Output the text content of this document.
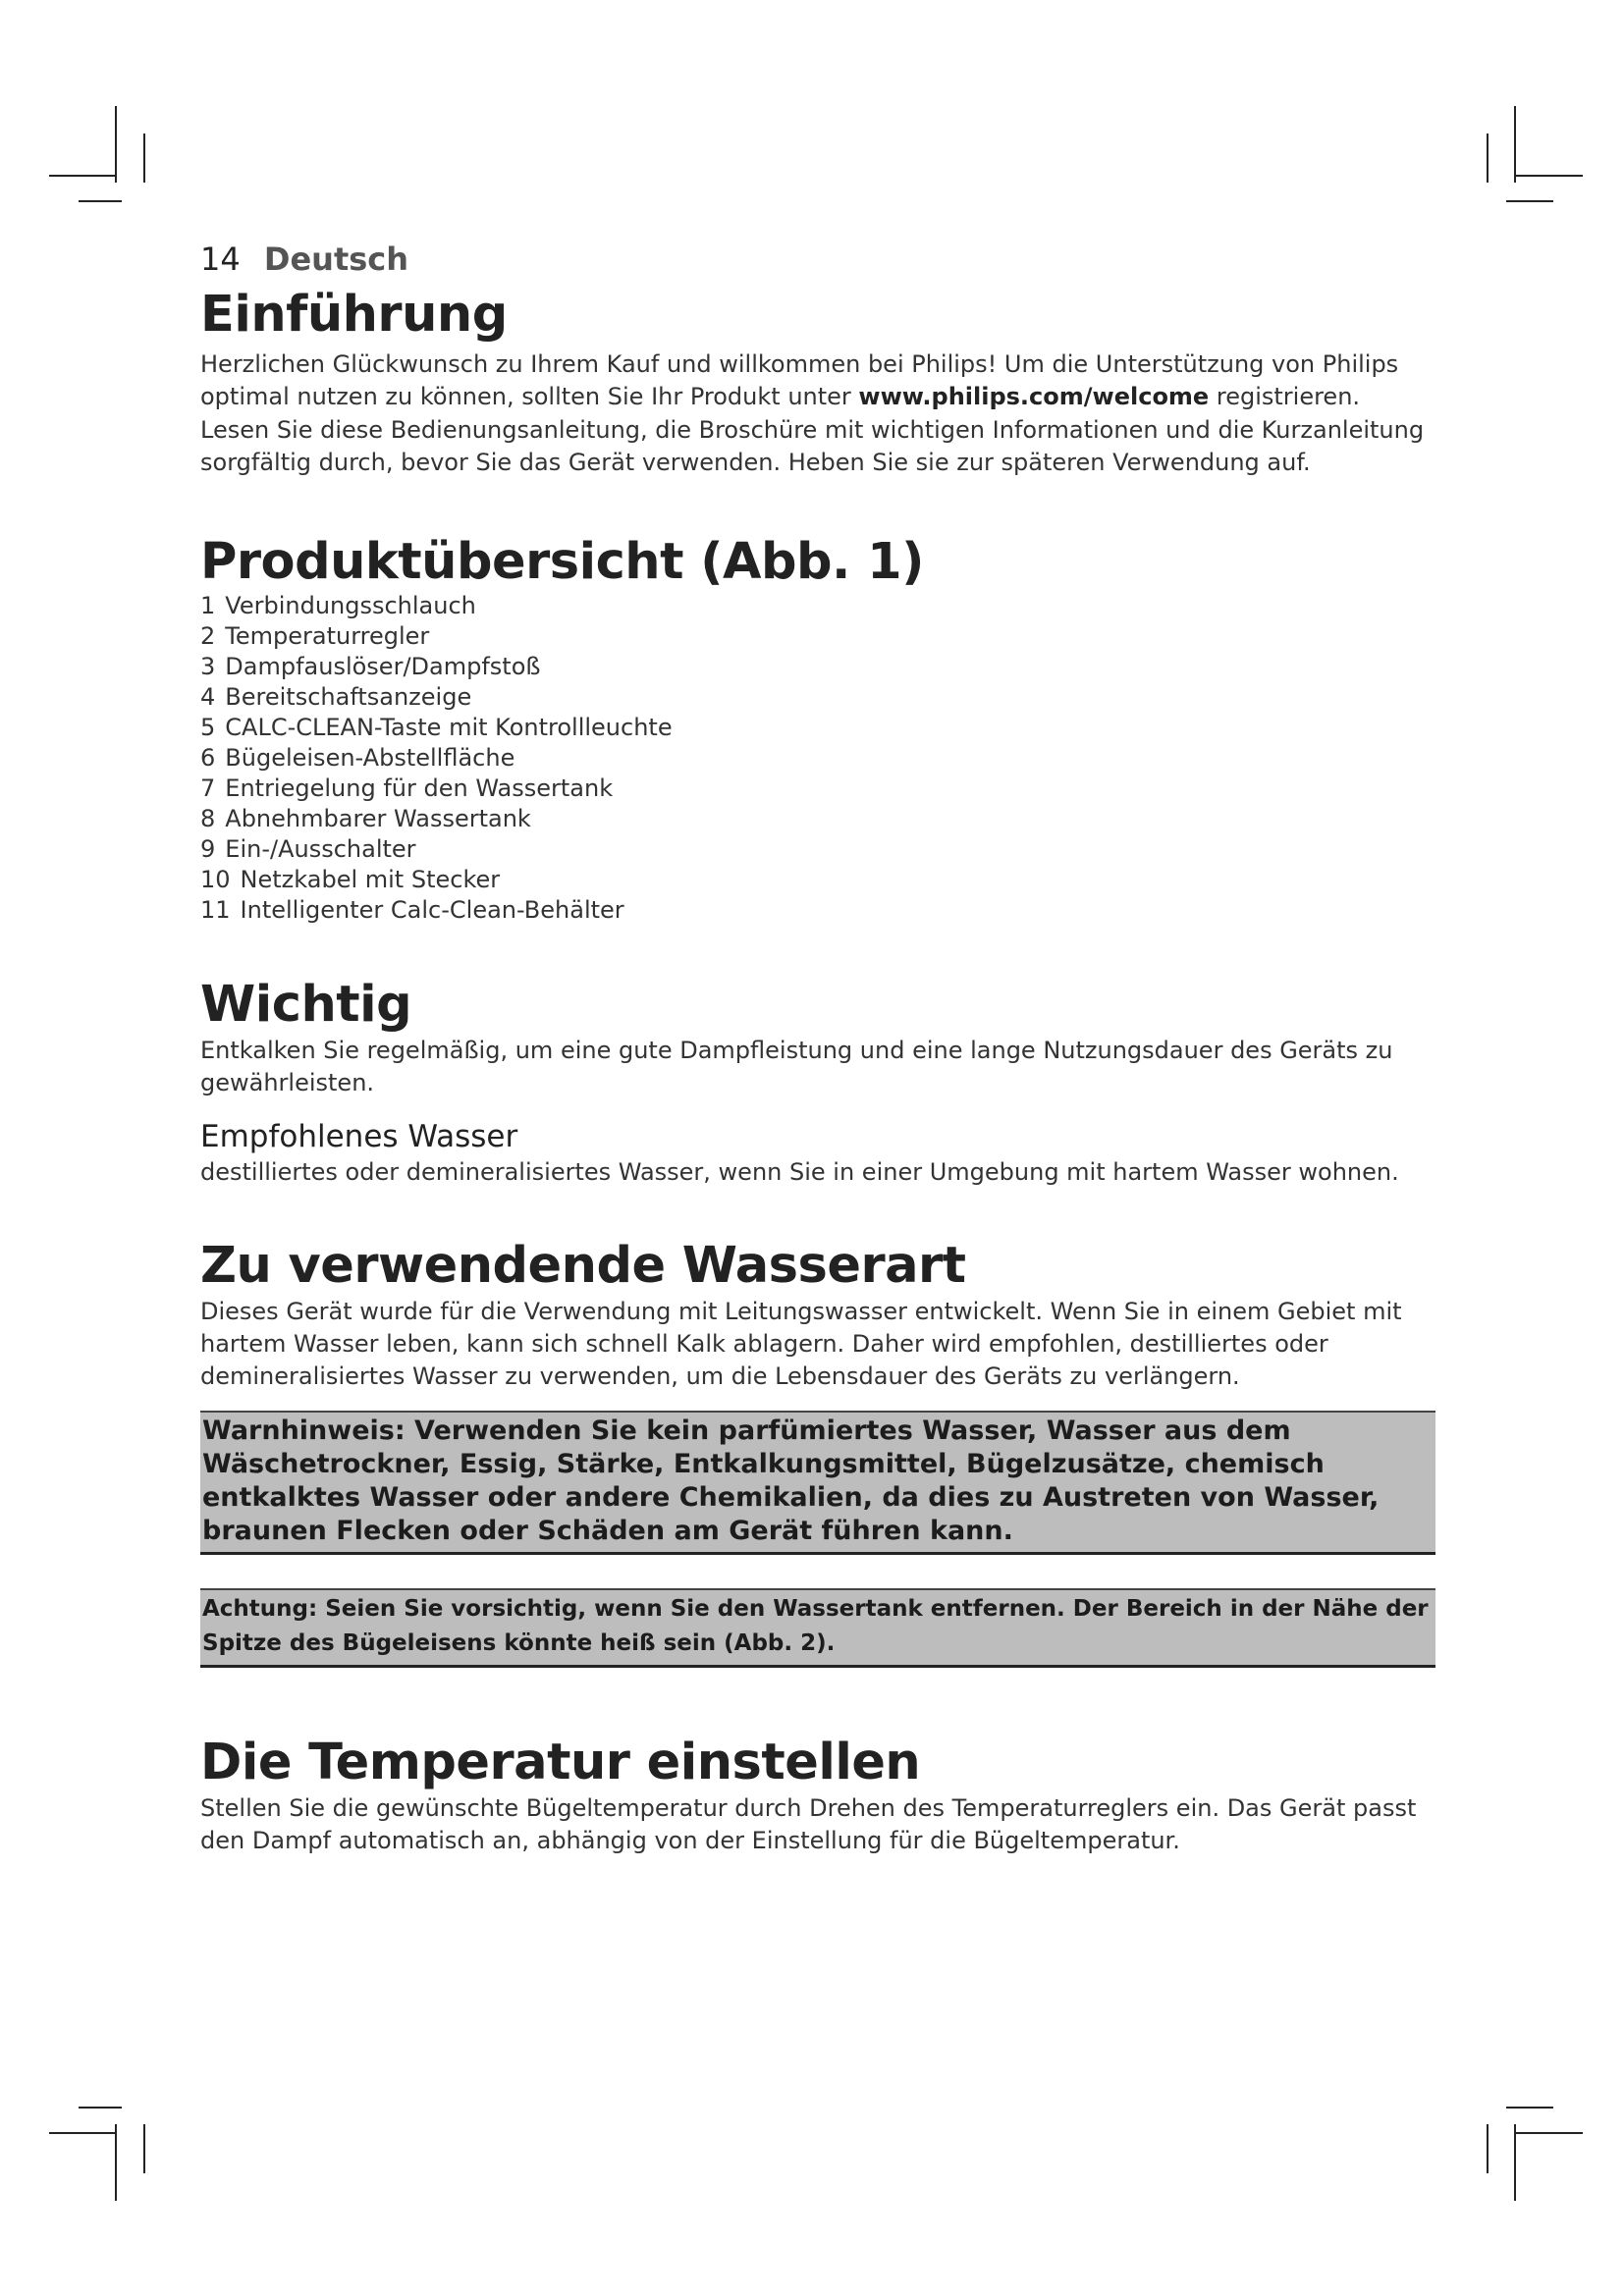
14 Deutsch
Einführung

Herzlichen Glückwunsch zu Ihrem Kauf und willkommen bei Philips! Um die Unterstützung von Philips optimal nutzen zu können, sollten Sie Ihr Produkt unter www.philips.com/welcome registrieren.

Lesen Sie diese Bedienungsanleitung, die Broschüre mit wichtigen Informationen und die Kurzanleitung sorgfältig durch, bevor Sie das Gerät verwenden. Heben Sie sie zur späteren Verwendung auf.

Produktübersicht (Abb. 1)
1 Verbindungsschlauch
2 Temperaturregler
3 Dampfauslöser/Dampfstoß
4 Bereitschaftsanzeige
5 CALC-CLEAN-Taste mit Kontrollleuchte
6 Bügeleisen-Abstellfläche
7 Entriegelung für den Wassertank
8 Abnehmbarer Wassertank
9 Ein-/Ausschalter
10 Netzkabel mit Stecker
11 Intelligenter Calc-Clean-Behälter
Wichtig

Entkalken Sie regelmäßig, um eine gute Dampfleistung und eine lange Nutzungsdauer des Geräts zu gewährleisten.

Empfohlenes Wasser

destilliertes oder demineralisiertes Wasser, wenn Sie in einer Umgebung mit hartem Wasser wohnen.

Zu verwendende Wasserart

Dieses Gerät wurde für die Verwendung mit Leitungswasser entwickelt. Wenn Sie in einem Gebiet mit hartem Wasser leben, kann sich schnell Kalk ablagern. Daher wird empfohlen, destilliertes oder demineralisiertes Wasser zu verwenden, um die Lebensdauer des Geräts zu verlängern.

Warnhinweis: Verwenden Sie kein parfümiertes Wasser, Wasser aus dem Wäschetrockner, Essig, Stärke, Entkalkungsmittel, Bügelzusätze, chemisch entkalktes Wasser oder andere Chemikalien, da dies zu Austreten von Wasser, braunen Flecken oder Schäden am Gerät führen kann.
Achtung: Seien Sie vorsichtig, wenn Sie den Wassertank entfernen. Der Bereich in der Nähe der Spitze des Bügeleisens könnte heiß sein (Abb. 2).
Die Temperatur einstellen

Stellen Sie die gewünschte Bügeltemperatur durch Drehen des Temperaturreglers ein. Das Gerät passt den Dampf automatisch an, abhängig von der Einstellung für die Bügeltemperatur.
